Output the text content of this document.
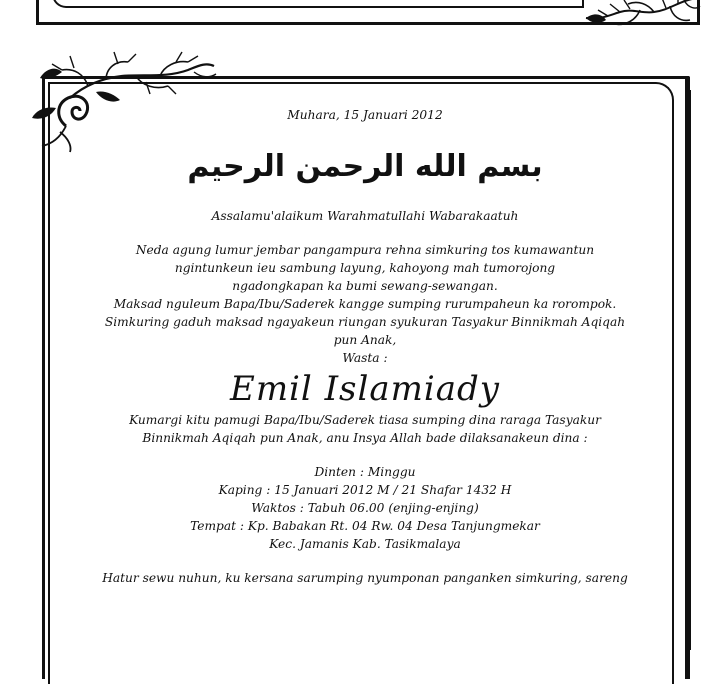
Muhara, 15 Januari 2012

بسم الله الرحمن الرحيم

Assalamu'alaikum Warahmatullahi Wabarakaatuh

Neda agung lumur jembar pangampura rehna simkuring tos kumawantun

ngintunkeun ieu sambung layung, kahoyong mah tumorojong

ngadongkapan ka bumi sewang-sewangan.

Maksad nguleum Bapa/Ibu/Saderek kangge sumping rurumpaheun ka rorompok.

Simkuring gaduh maksad ngayakeun riungan syukuran Tasyakur Binnikmah Aqiqah

pun Anak,

Wasta :

Emil Islamiady

Kumargi kitu pamugi Bapa/Ibu/Saderek tiasa sumping dina raraga Tasyakur

Binnikmah Aqiqah pun Anak, anu Insya Allah bade dilaksanakeun dina :

Dinten : Minggu

Kaping : 15 Januari 2012 M / 21 Shafar 1432 H

Waktos : Tabuh 06.00 (enjing-enjing)

Tempat : Kp. Babakan Rt. 04 Rw. 04 Desa Tanjungmekar

Kec. Jamanis Kab. Tasikmalaya

Hatur sewu nuhun, ku kersana sarumping nyumponan panganken simkuring, sareng
